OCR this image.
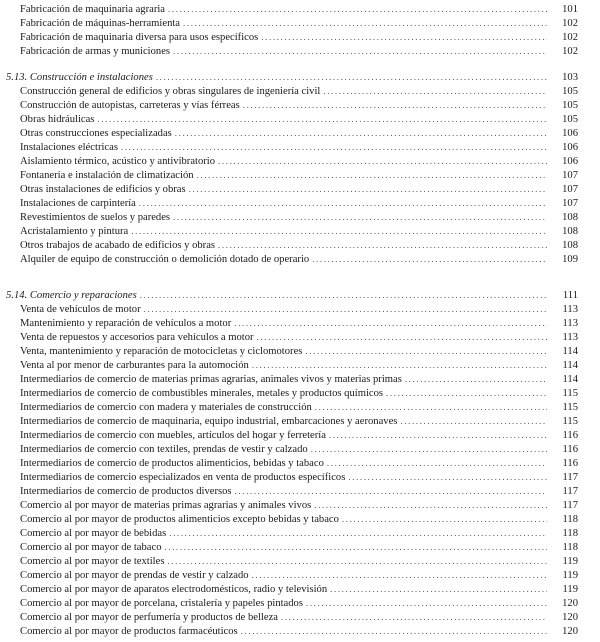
Fabricación de maquinaria agraria .....	101
Fabricación de máquinas-herramienta .....	102
Fabricación de maquinaria diversa para usos específicos .....	102
Fabricación de armas y municiones .....	102
5.13. Construcción e instalaciones .....	103
Construcción general de edificios y obras singulares de ingeniería civil .....	105
Construcción de autopistas, carreteras y vías férreas .....	105
Obras hidráulicas .....	105
Otras construcciones especializadas .....	106
Instalaciones eléctricas .....	106
Aislamiento térmico, acústico y antivibratorio .....	106
Fontanería e instalación de climatización .....	107
Otras instalaciones de edificios y obras .....	107
Instalaciones de carpintería .....	107
Revestimientos de suelos y paredes .....	108
Acristalamiento y pintura .....	108
Otros trabajos de acabado de edificios y obras .....	108
Alquiler de equipo de construcción o demolición dotado de operario .....	109
5.14. Comercio y reparaciones .....	111
Venta de vehículos de motor .....	113
Mantenimiento y reparación de vehículos a motor .....	113
Venta de repuestos y accesorios para vehículos a motor .....	113
Venta, mantenimiento y reparación de motocicletas y ciclomotores .....	114
Venta al por menor de carburantes para la automoción .....	114
Intermediarios de comercio de materias primas agrarias, animales vivos y materias primas .....	114
Intermediarios de comercio de combustibles minerales, metales y productos químicos .....	115
Intermediarios de comercio con madera y materiales de construcción .....	115
Intermediarios de comercio de maquinaria, equipo industrial, embarcaciones y aeronaves .....	115
Intermediarios de comercio con muebles, artículos del hogar y ferretería .....	116
Intermediarios de comercio con textiles, prendas de vestir y calzado .....	116
Intermediarios de comercio de productos alimenticios, bebidas y tabaco .....	116
Intermediarios de comercio especializados en venta de productos específicos .....	117
Intermediarios de comercio de productos diversos .....	117
Comercio al por mayor de materias primas agrarias y animales vivos .....	117
Comercio al por mayor de productos alimenticios excepto bebidas y tabaco .....	118
Comercio al por mayor de bebidas .....	118
Comercio al por mayor de tabaco .....	118
Comercio al por mayor de textiles .....	119
Comercio al por mayor de prendas de vestir y calzado .....	119
Comercio al por mayor de aparatos electrodomésticos, radio y televisión .....	119
Comercio al por mayor de porcelana, cristalería y papeles pintados .....	120
Comercio al por mayor de perfumería y productos de belleza .....	120
Comercio al por mayor de productos farmacéuticos .....	120
